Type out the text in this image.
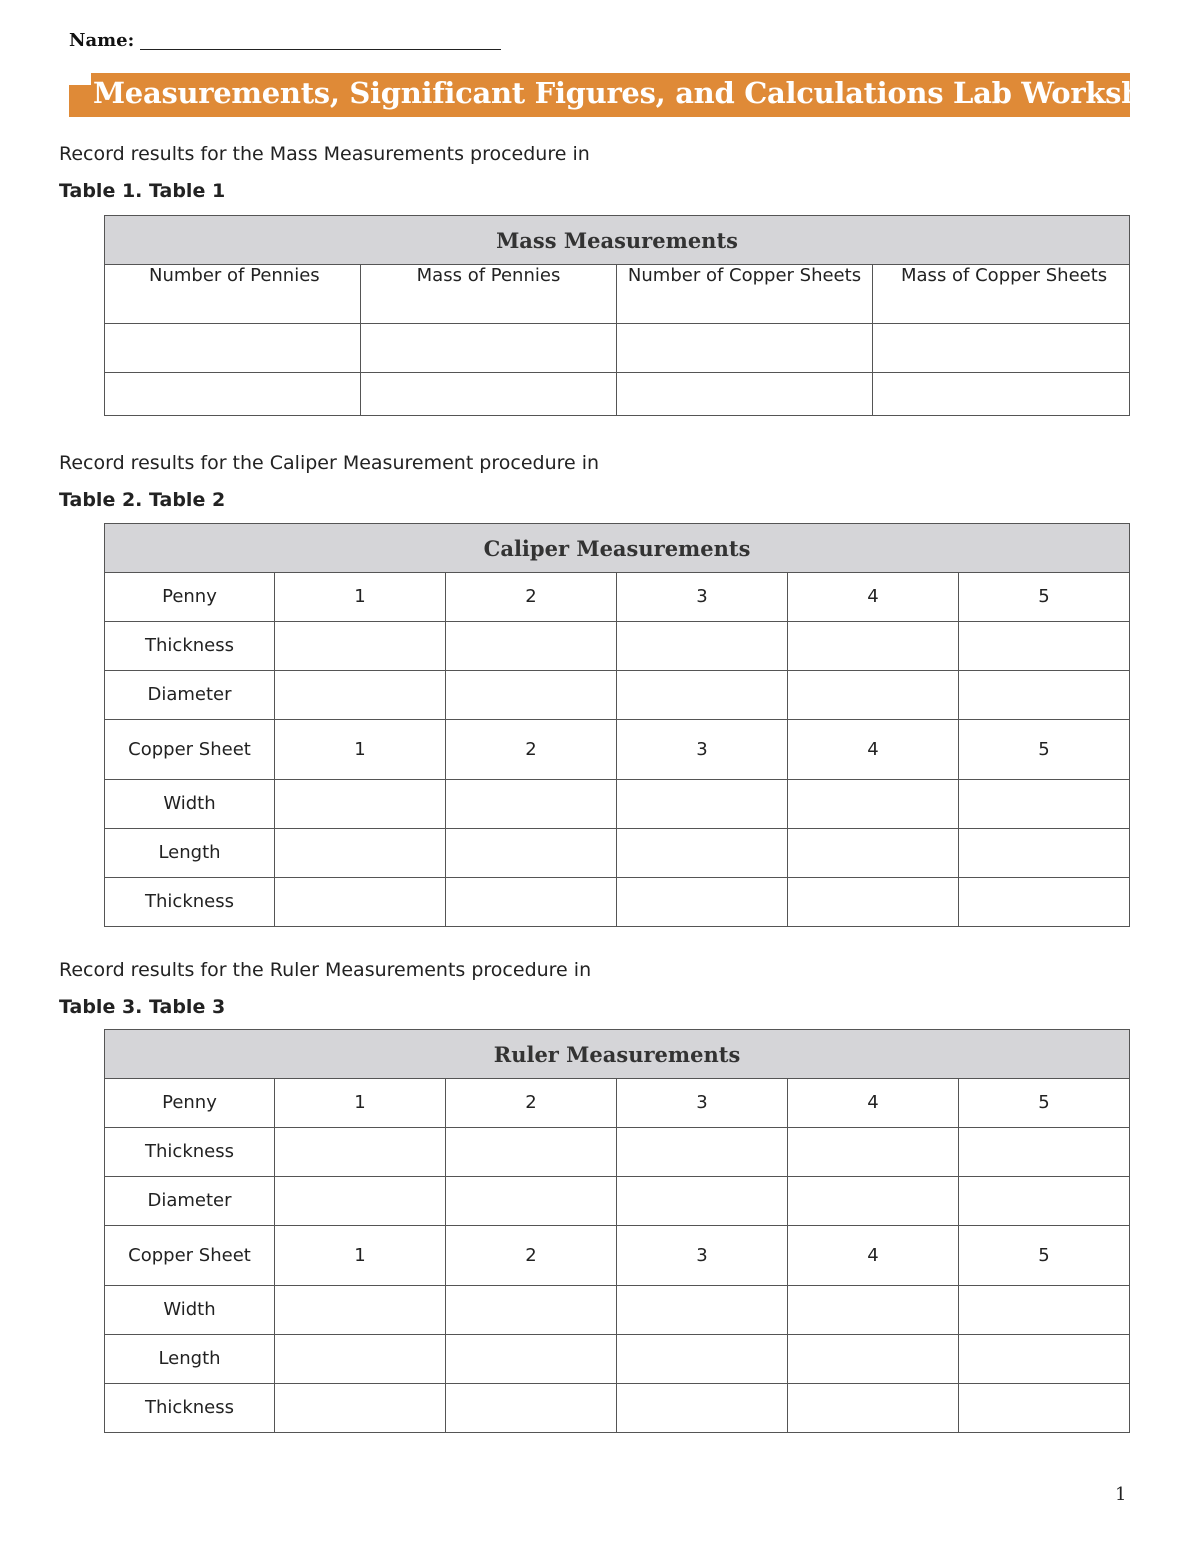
Name:
Measurements, Significant Figures, and Calculations Lab Worksheet
Record results for the Mass Measurements procedure in
Table 1. Table 1
Mass Measurements			
Number of Pennies	Mass of Pennies	Number of Copper Sheets	Mass of Copper Sheets

Record results for the Caliper Measurement procedure in
Table 2. Table 2
Caliper Measurements					
Penny	1	2	3	4	5
Thickness					
Diameter					
Copper Sheet	1	2	3	4	5
Width					
Length					
Thickness					
Record results for the Ruler Measurements procedure in
Table 3. Table 3
Ruler Measurements					
Penny	1	2	3	4	5
Thickness					
Diameter					
Copper Sheet	1	2	3	4	5
Width					
Length					
Thickness					
1
